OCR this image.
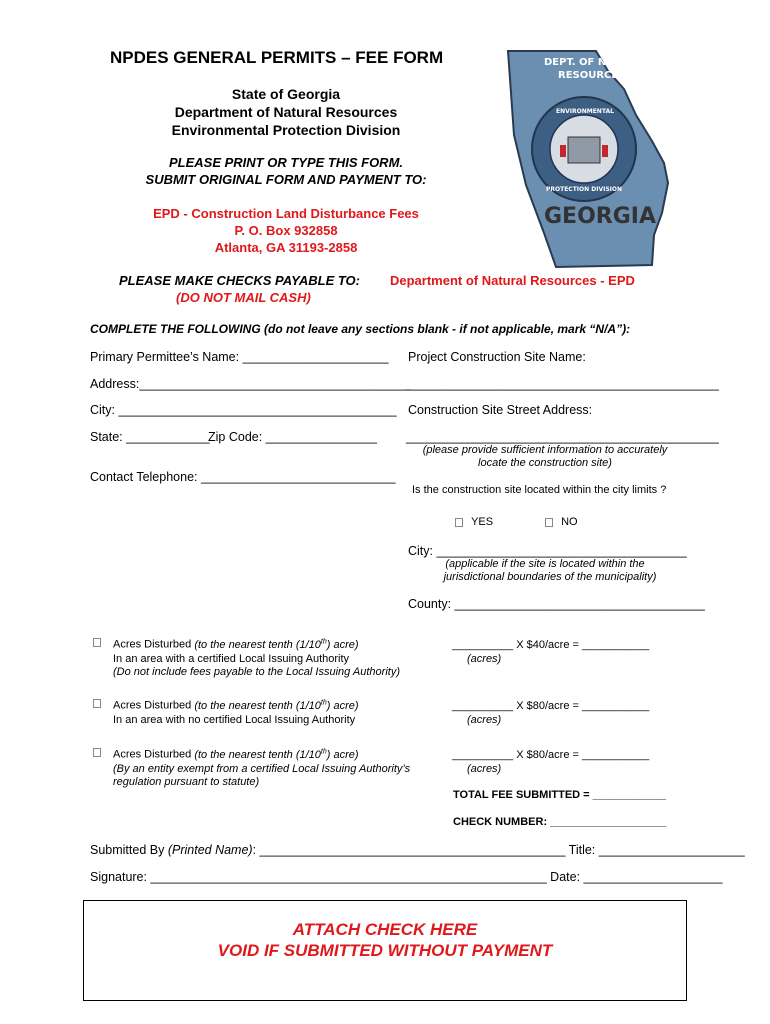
NPDES GENERAL PERMITS – FEE FORM
State of Georgia
Department of Natural Resources
Environmental Protection Division
PLEASE PRINT OR TYPE THIS FORM.
SUBMIT ORIGINAL FORM AND PAYMENT TO:
EPD - Construction Land Disturbance Fees
P. O. Box 932858
Atlanta, GA 31193-2858
PLEASE MAKE CHECKS PAYABLE TO: Department of Natural Resources - EPD
(DO NOT MAIL CASH)
COMPLETE THE FOLLOWING (do not leave any sections blank - if not applicable, mark “N/A”):
DEPT. OF NATURAL
RESOURCES
ENVIRONMENTAL
PROTECTION DIVISION
GEORGIA
Primary Permittee’s Name: _____________________
Address:_______________________________________
City: ________________________________________
State: ____________
Zip Code: ________________
Contact Telephone: ____________________________
Project Construction Site Name:
_____________________________________________
Construction Site Street Address:
_____________________________________________
(please provide sufficient information to accurately
locate the construction site)
Is the construction site located within the city limits ?
YES	NO
City: ____________________________________
(applicable if the site is located within the
jurisdictional boundaries of the municipality)
County: ____________________________________
Acres Disturbed (to the nearest tenth (1/10th) acre)
In an area with a certified Local Issuing Authority
(Do not include fees payable to the Local Issuing Authority)
__________ X $40/acre = ___________
(acres)
Acres Disturbed (to the nearest tenth (1/10th) acre)
In an area with no certified Local Issuing Authority
__________ X $80/acre = ___________
(acres)
Acres Disturbed (to the nearest tenth (1/10th) acre)
(By an entity exempt from a certified Local Issuing Authority’s
regulation pursuant to statute)
__________ X $80/acre = ___________
(acres)
TOTAL FEE SUBMITTED = ____________
CHECK NUMBER: ___________________
Submitted By (Printed Name): ____________________________________________ Title: _____________________
Signature: _________________________________________________________ Date: ____________________
ATTACH CHECK HERE
VOID IF SUBMITTED WITHOUT PAYMENT
